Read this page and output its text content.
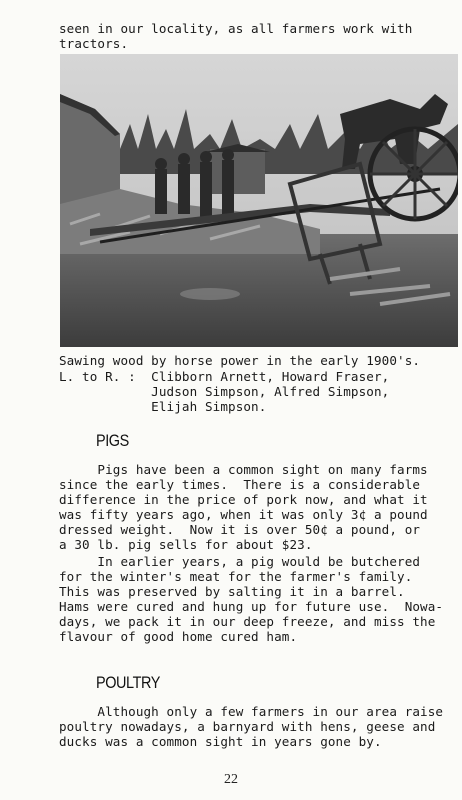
seen in our locality, as all farmers work with
tractors.
Sawing wood by horse power in the early 1900's.
L. to R. :  Clibborn Arnett, Howard Fraser,
Judson Simpson, Alfred Simpson,
Elijah Simpson.
PIGS
Pigs have been a common sight on many farms
since the early times.  There is a considerable
difference in the price of pork now, and what it
was fifty years ago, when it was only 3¢ a pound
dressed weight.  Now it is over 50¢ a pound, or
a 30 lb. pig sells for about $23.
In earlier years, a pig would be butchered
for the winter's meat for the farmer's family.
This was preserved by salting it in a barrel.
Hams were cured and hung up for future use.  Nowa-
days, we pack it in our deep freeze, and miss the
flavour of good home cured ham.
POULTRY
Although only a few farmers in our area raise
poultry nowadays, a barnyard with hens, geese and
ducks was a common sight in years gone by.
22
